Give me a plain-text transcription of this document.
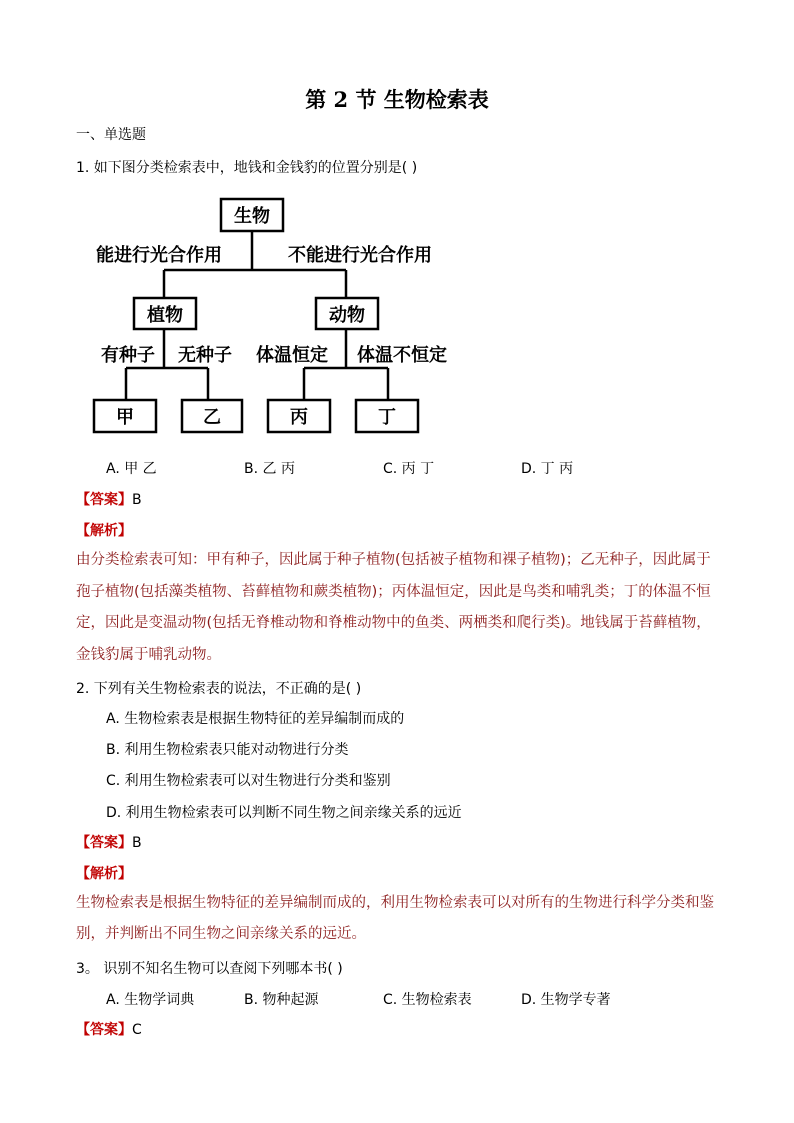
第 2 节 生物检索表
一、单选题
1. 如下图分类检索表中，地钱和金钱豹的位置分别是( )
生物
能进行光合作用	不能进行光合作用
植物	动物
有种子 无种子 体温恒定 体温不恒定
甲	乙	丙	丁
A. 甲 乙	B. 乙 丙	C. 丙 丁	D. 丁 丙
【答案】B
【解析】
由分类检索表可知：甲有种子，因此属于种子植物(包括被子植物和裸子植物)；乙无种子，因此属于孢子植物(包括藻类植物、苔藓植物和蕨类植物)；丙体温恒定，因此是鸟类和哺乳类；丁的体温不恒定，因此是变温动物(包括无脊椎动物和脊椎动物中的鱼类、两栖类和爬行类)。地钱属于苔藓植物，金钱豹属于哺乳动物。
2. 下列有关生物检索表的说法，不正确的是( )
A. 生物检索表是根据生物特征的差异编制而成的
B. 利用生物检索表只能对动物进行分类
C. 利用生物检索表可以对生物进行分类和鉴别
D. 利用生物检索表可以判断不同生物之间亲缘关系的远近
【答案】B
【解析】
生物检索表是根据生物特征的差异编制而成的，利用生物检索表可以对所有的生物进行科学分类和鉴别，并判断出不同生物之间亲缘关系的远近。
3。 识别不知名生物可以查阅下列哪本书( )
A. 生物学词典	B. 物种起源	C. 生物检索表	D. 生物学专著
【答案】C
